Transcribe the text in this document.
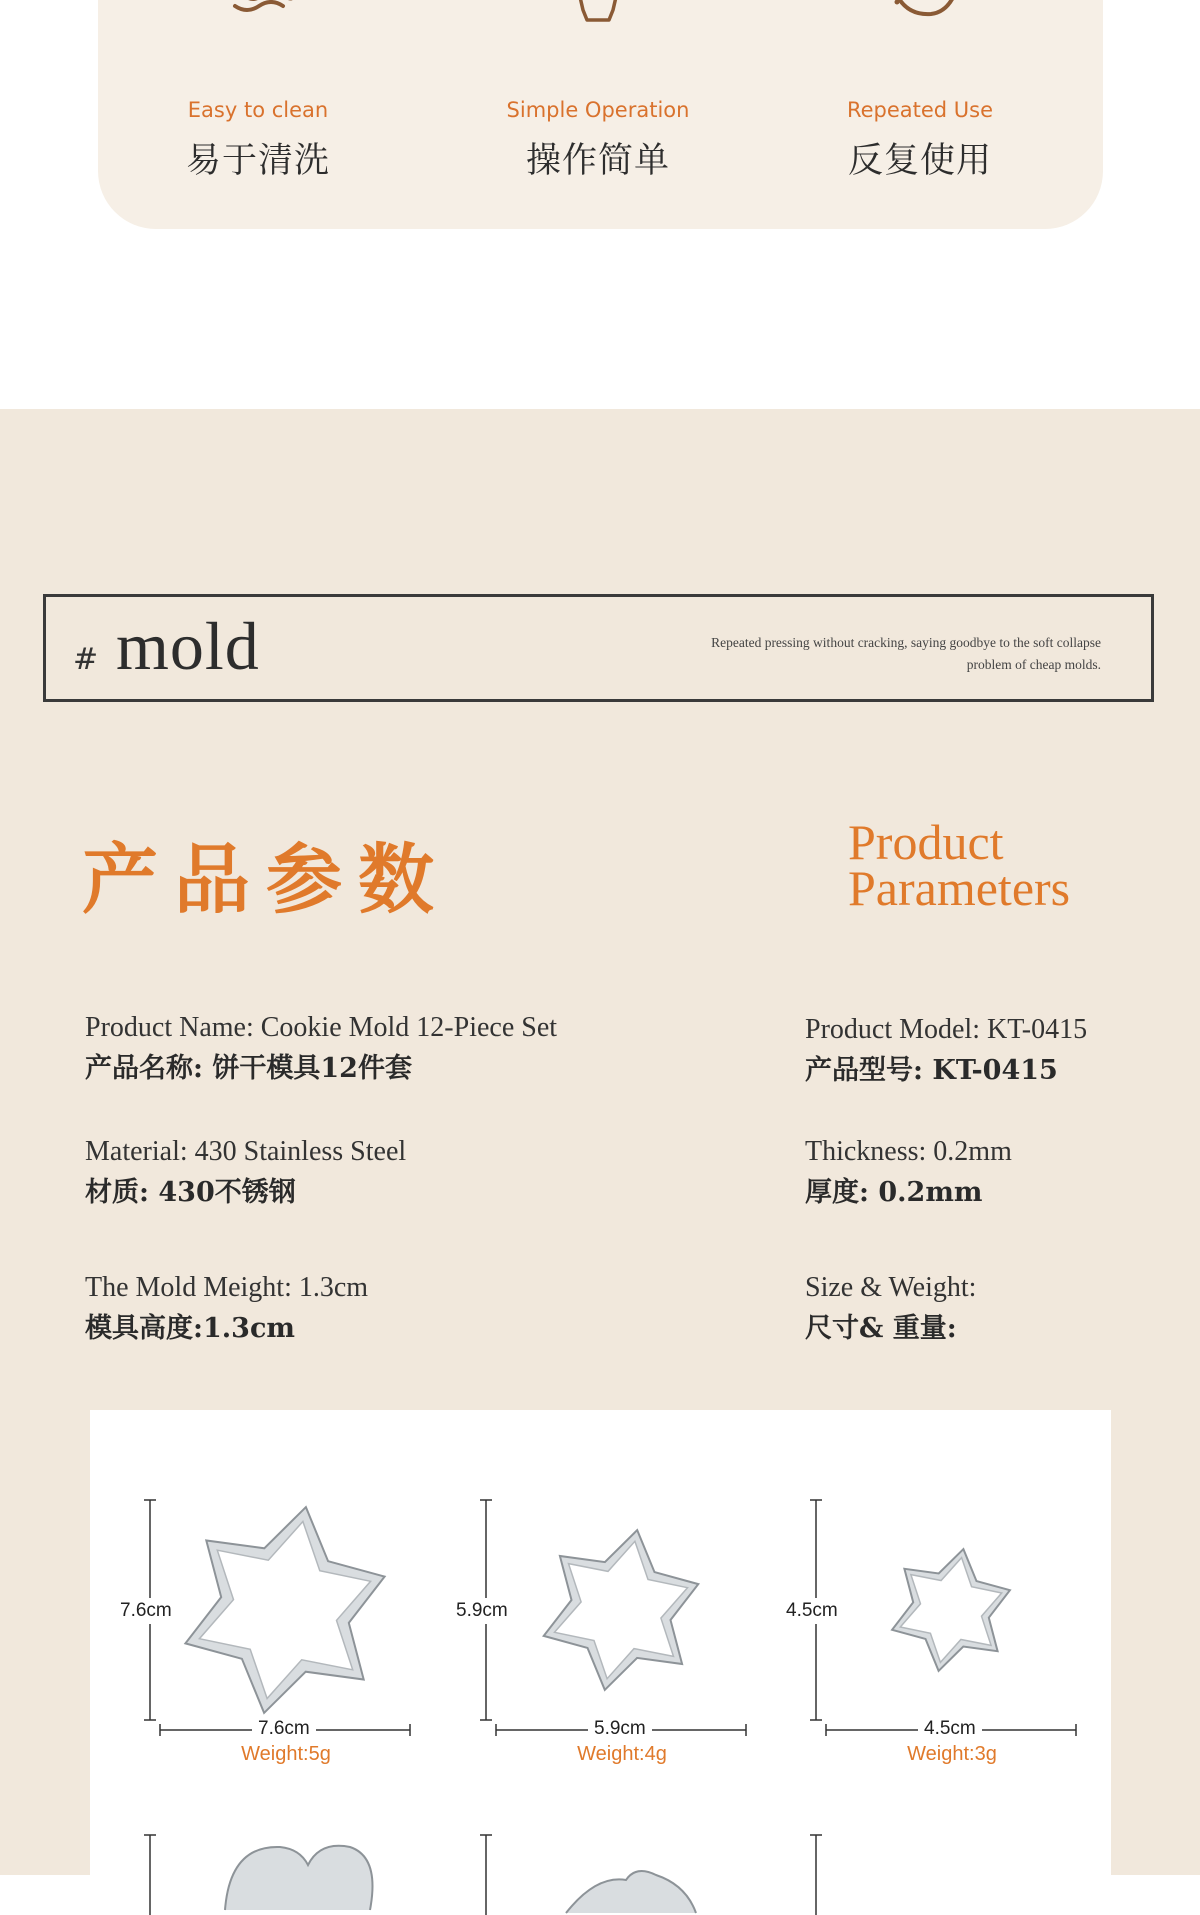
Easy to clean
易于清洗
Simple Operation
操作简单
Repeated Use
反复使用
# mold	Repeated pressing without cracking, saying goodbye to the soft collapse
problem of cheap molds.
产品参数	Product
Parameters
Product Name: Cookie Mold 12-Piece Set
产品名称: 饼干模具12件套
Product Model: KT-0415
产品型号: KT-0415
Material: 430 Stainless Steel
材质: 430不锈钢
Thickness: 0.2mm
厚度: 0.2mm
The Mold Meight: 1.3cm
模具高度:1.3cm
Size & Weight:
尺寸& 重量:
7.6cm
7.6cm
Weight:5g
5.9cm
5.9cm
Weight:4g
4.5cm
4.5cm
Weight:3g
